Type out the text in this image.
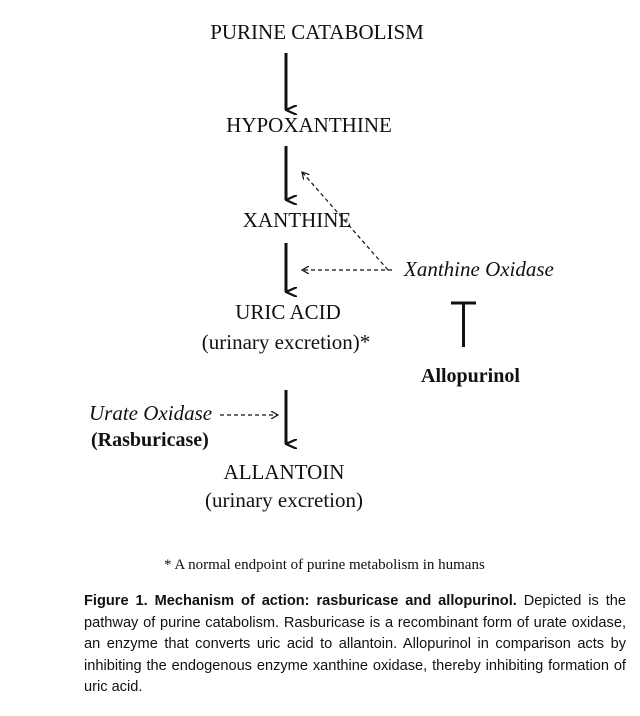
PURINE CATABOLISM
HYPOXANTHINE
XANTHINE
URIC ACID
(urinary excretion)*
ALLANTOIN
(urinary excretion)
Xanthine Oxidase
Allopurinol
Urate Oxidase
(Rasburicase)
* A normal endpoint of purine metabolism in humans
Figure 1. Mechanism of action: rasburicase and allopurinol. Depicted is the pathway of purine catabolism. Rasburicase is a recombinant form of urate oxidase, an enzyme that converts uric acid to allantoin. Allopurinol in comparison acts by inhibiting the endogenous enzyme xanthine oxidase, thereby inhibiting formation of uric acid.
